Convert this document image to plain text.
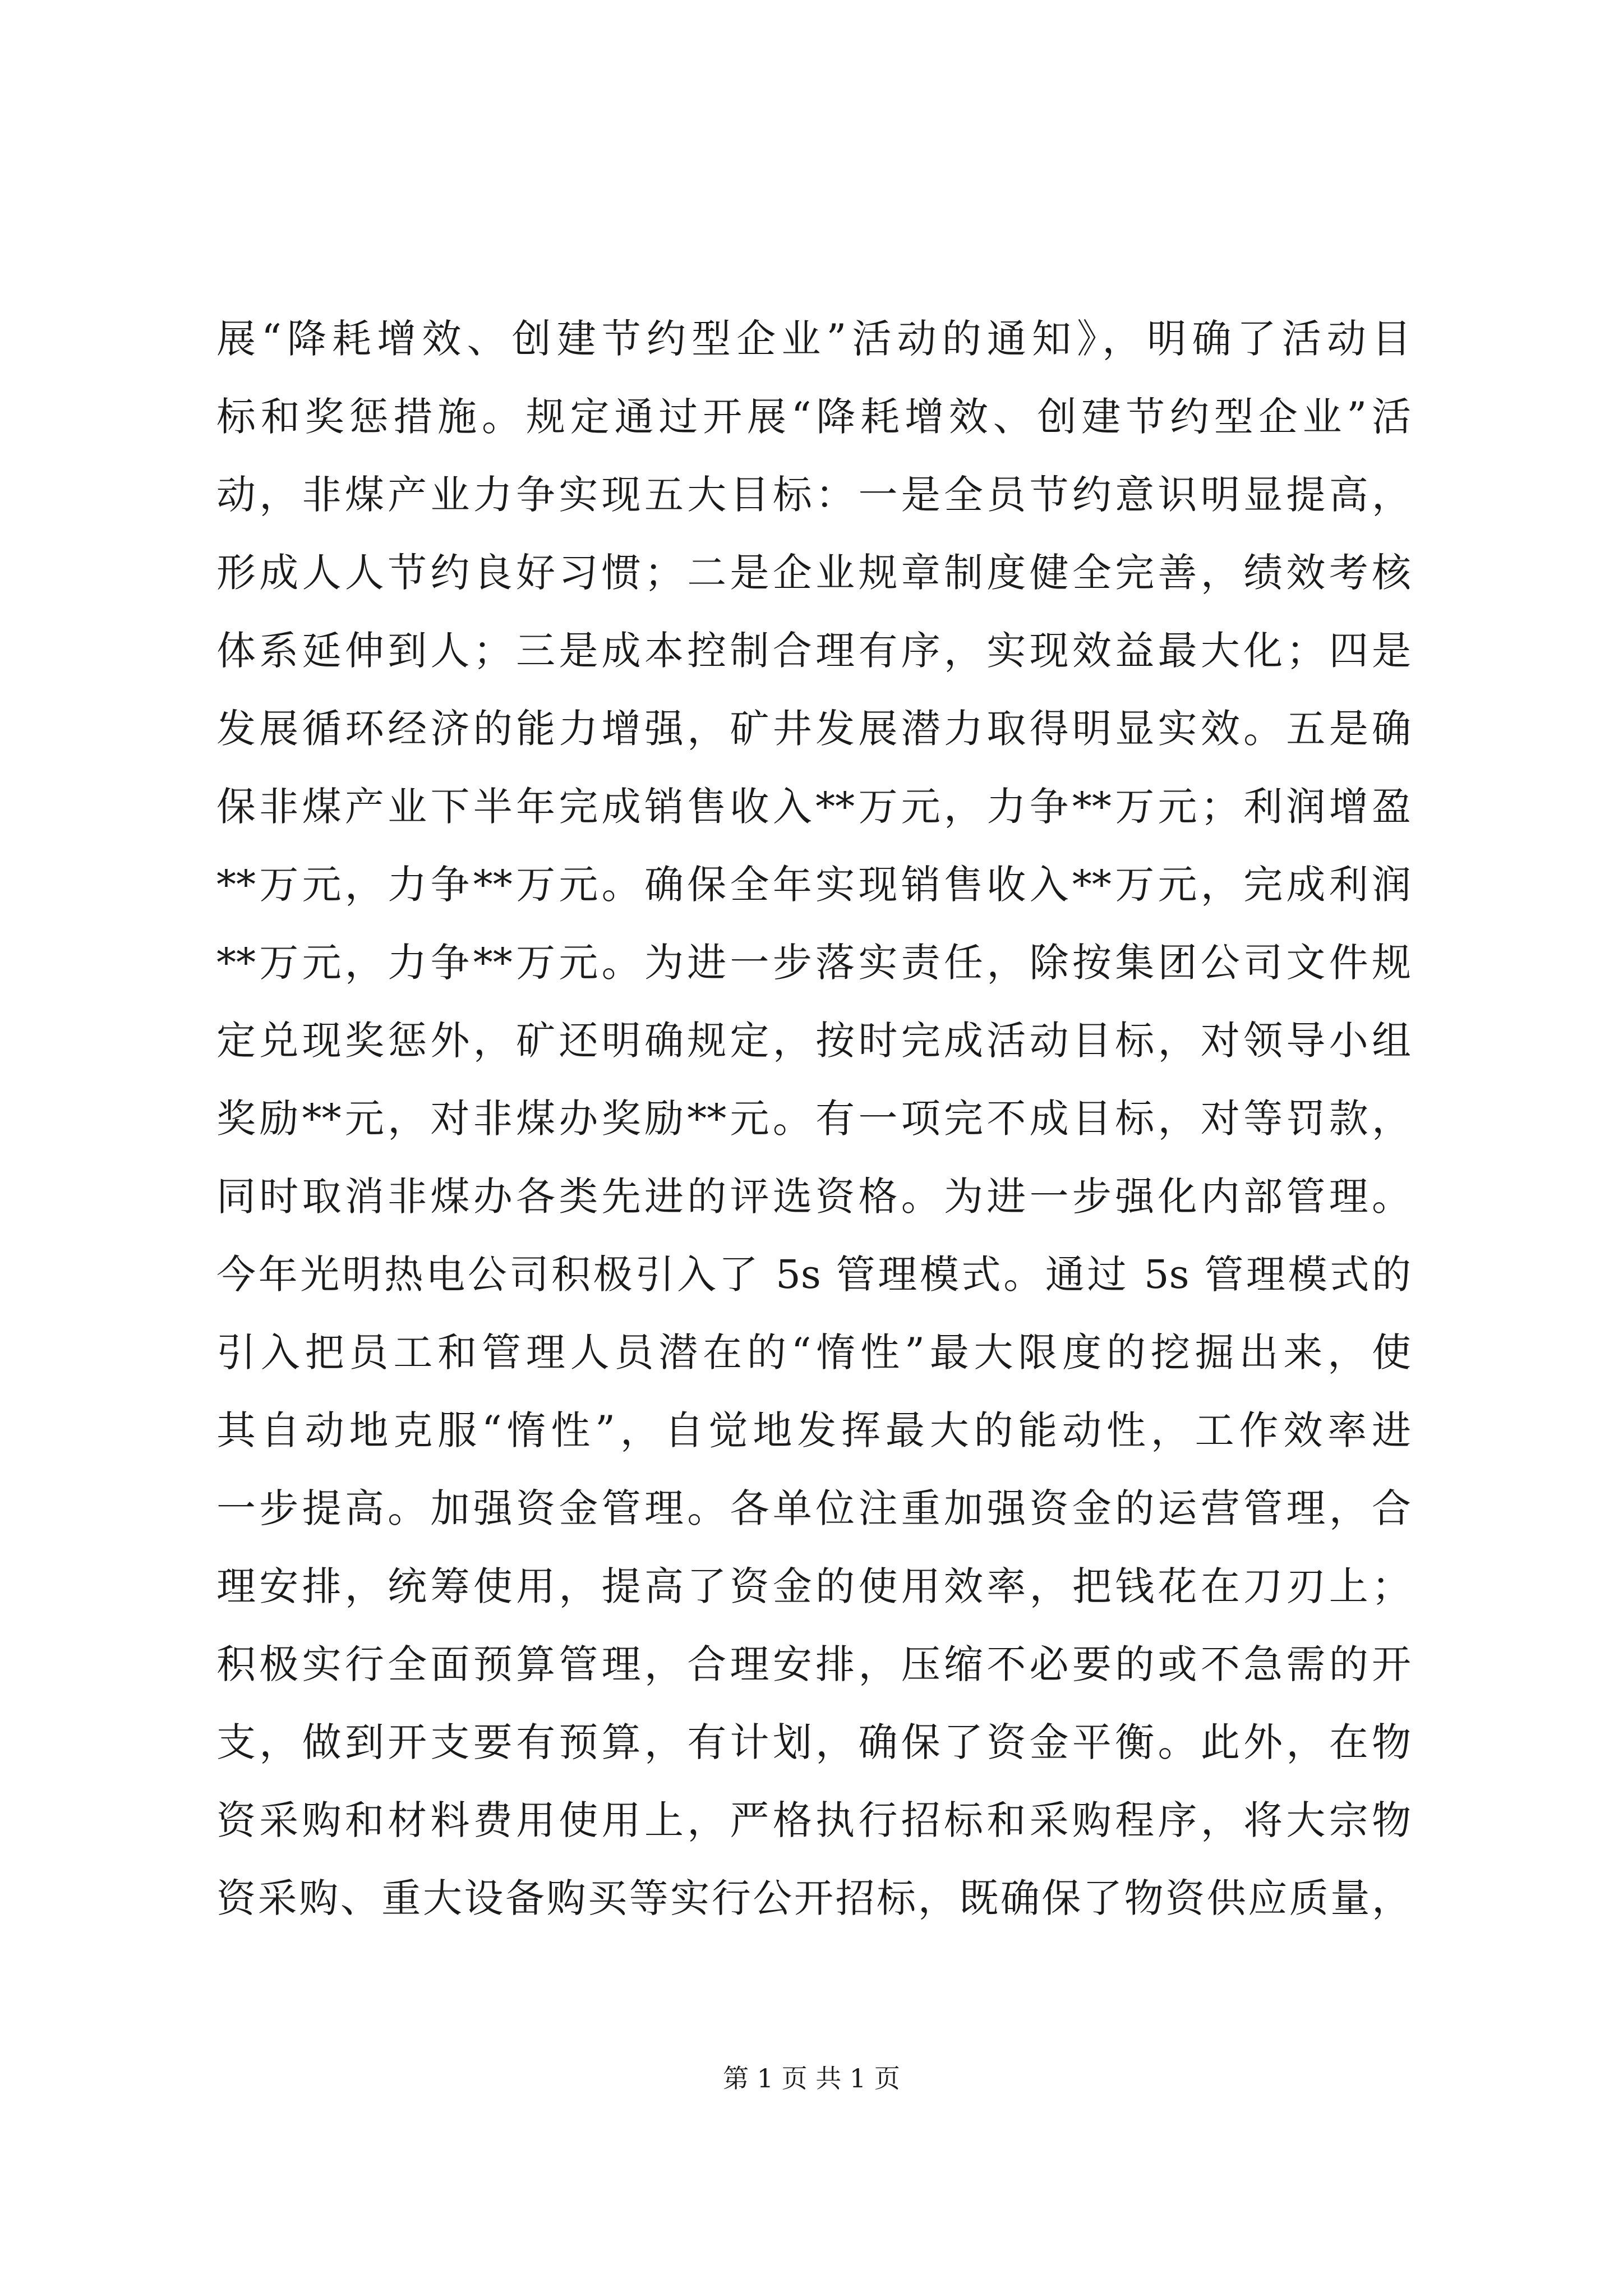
展“降耗增效、创建节约型企业”活动的通知》，明确了活动目
标和奖惩措施。规定通过开展“降耗增效、创建节约型企业”活
动，非煤产业力争实现五大目标：一是全员节约意识明显提高，
形成人人节约良好习惯；二是企业规章制度健全完善，绩效考核
体系延伸到人；三是成本控制合理有序，实现效益最大化；四是
发展循环经济的能力增强，矿井发展潜力取得明显实效。五是确
保非煤产业下半年完成销售收入**万元，力争**万元；利润增盈
**万元，力争**万元。确保全年实现销售收入**万元，完成利润
**万元，力争**万元。为进一步落实责任，除按集团公司文件规
定兑现奖惩外，矿还明确规定，按时完成活动目标，对领导小组
奖励**元，对非煤办奖励**元。有一项完不成目标，对等罚款，
同时取消非煤办各类先进的评选资格。为进一步强化内部管理。
今年光明热电公司积极引入了 5s 管理模式。通过 5s 管理模式的
引入把员工和管理人员潜在的“惰性”最大限度的挖掘出来，使
其自动地克服“惰性”，自觉地发挥最大的能动性，工作效率进
一步提高。加强资金管理。各单位注重加强资金的运营管理，合
理安排，统筹使用，提高了资金的使用效率，把钱花在刀刃上；
积极实行全面预算管理，合理安排，压缩不必要的或不急需的开
支，做到开支要有预算，有计划，确保了资金平衡。此外，在物
资采购和材料费用使用上，严格执行招标和采购程序，将大宗物
资采购、重大设备购买等实行公开招标，既确保了物资供应质量，
第 1 页 共 1 页
